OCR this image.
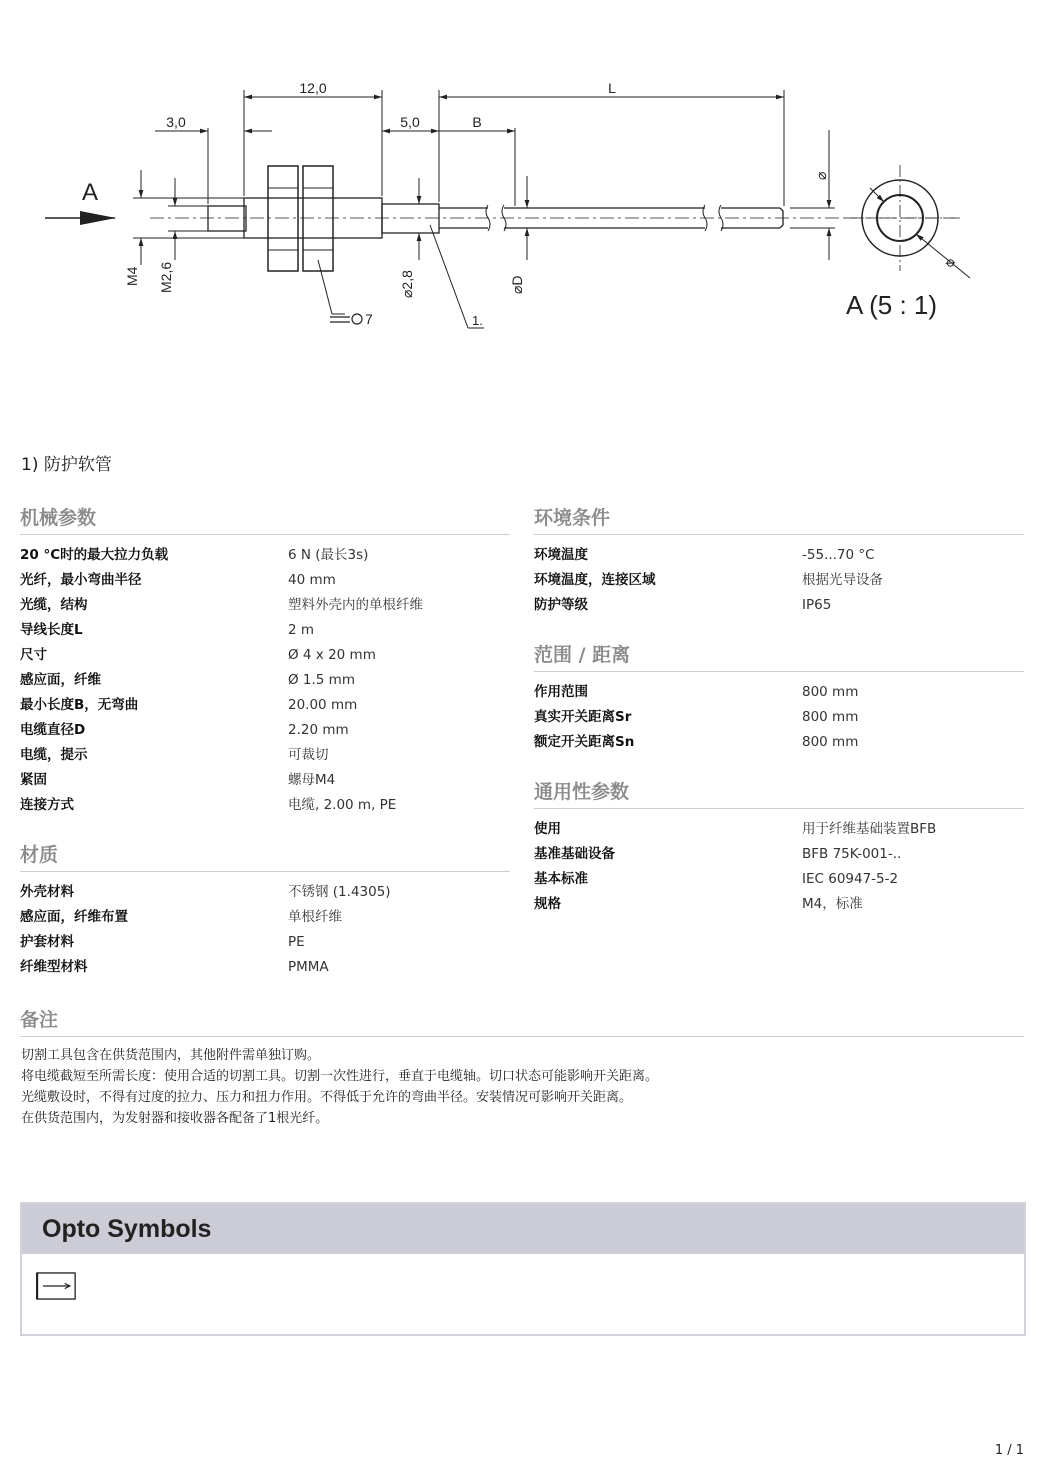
12,0	L
3,0	5,0	B
A
M4 M2,6
⌀2,8
⌀D
⌀
⌀
7	1.
A (5 : 1)
1) 防护软管
机械参数
20 °C时的最大拉力负载	6 N (最长3s)
光纤，最小弯曲半径	40 mm
光缆，结构	塑料外壳内的单根纤维
导线长度L	2 m
尺寸	Ø 4 x 20 mm
感应面，纤维	Ø 1.5 mm
最小长度B，无弯曲	20.00 mm
电缆直径D	2.20 mm
电缆，提示	可裁切
紧固	螺母M4
连接方式	电缆, 2.00 m, PE
材质
外壳材料	不锈钢 (1.4305)
感应面，纤维布置	单根纤维
护套材料	PE
纤维型材料	PMMA
环境条件
环境温度	-55...70 °C
环境温度，连接区域	根据光导设备
防护等级	IP65
范围 / 距离
作用范围	800 mm
真实开关距离Sr	800 mm
额定开关距离Sn	800 mm
通用性参数
使用	用于纤维基础装置BFB
基准基础设备	BFB 75K-001-..
基本标准	IEC 60947-5-2
规格	M4，标准
备注
切割工具包含在供货范围内，其他附件需单独订购。
将电缆截短至所需长度：使用合适的切割工具。切割一次性进行，垂直于电缆轴。切口状态可能影响开关距离。
光缆敷设时，不得有过度的拉力、压力和扭力作用。不得低于允许的弯曲半径。安装情况可影响开关距离。
在供货范围内，为发射器和接收器各配备了1根光纤。
Opto Symbols
1 / 1
